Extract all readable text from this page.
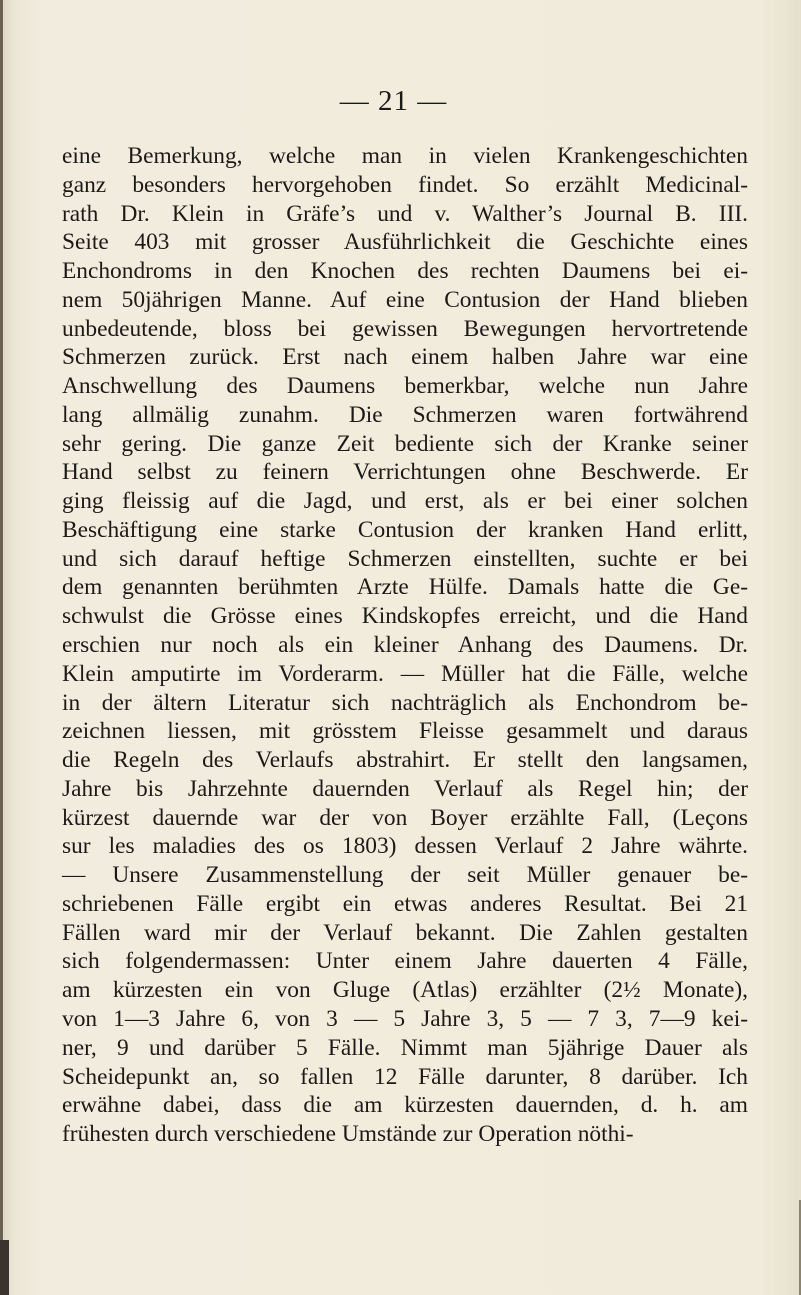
— 21 —
eine Bemerkung, welche man in vielen Krankengeschichten
ganz besonders hervorgehoben findet. So erzählt Medicinal-
rath Dr. Klein in Gräfe’s und v. Walther’s Journal B. III.
Seite 403 mit grosser Ausführlichkeit die Geschichte eines
Enchondroms in den Knochen des rechten Daumens bei ei-
nem 50jährigen Manne. Auf eine Contusion der Hand blieben
unbedeutende, bloss bei gewissen Bewegungen hervortretende
Schmerzen zurück. Erst nach einem halben Jahre war eine
Anschwellung des Daumens bemerkbar, welche nun Jahre
lang allmälig zunahm. Die Schmerzen waren fortwährend
sehr gering. Die ganze Zeit bediente sich der Kranke seiner
Hand selbst zu feinern Verrichtungen ohne Beschwerde. Er
ging fleissig auf die Jagd, und erst, als er bei einer solchen
Beschäftigung eine starke Contusion der kranken Hand erlitt,
und sich darauf heftige Schmerzen einstellten, suchte er bei
dem genannten berühmten Arzte Hülfe. Damals hatte die Ge-
schwulst die Grösse eines Kindskopfes erreicht, und die Hand
erschien nur noch als ein kleiner Anhang des Daumens. Dr.
Klein amputirte im Vorderarm. — Müller hat die Fälle, welche
in der ältern Literatur sich nachträglich als Enchondrom be-
zeichnen liessen, mit grösstem Fleisse gesammelt und daraus
die Regeln des Verlaufs abstrahirt. Er stellt den langsamen,
Jahre bis Jahrzehnte dauernden Verlauf als Regel hin; der
kürzest dauernde war der von Boyer erzählte Fall, (Leçons
sur les maladies des os 1803) dessen Verlauf 2 Jahre währte.
— Unsere Zusammenstellung der seit Müller genauer be-
schriebenen Fälle ergibt ein etwas anderes Resultat. Bei 21
Fällen ward mir der Verlauf bekannt. Die Zahlen gestalten
sich folgendermassen: Unter einem Jahre dauerten 4 Fälle,
am kürzesten ein von Gluge (Atlas) erzählter (2½ Monate),
von 1—3 Jahre 6, von 3 — 5 Jahre 3, 5 — 7 3, 7—9 kei-
ner, 9 und darüber 5 Fälle. Nimmt man 5jährige Dauer als
Scheidepunkt an, so fallen 12 Fälle darunter, 8 darüber. Ich
erwähne dabei, dass die am kürzesten dauernden, d. h. am
frühesten durch verschiedene Umstände zur Operation nöthi-
